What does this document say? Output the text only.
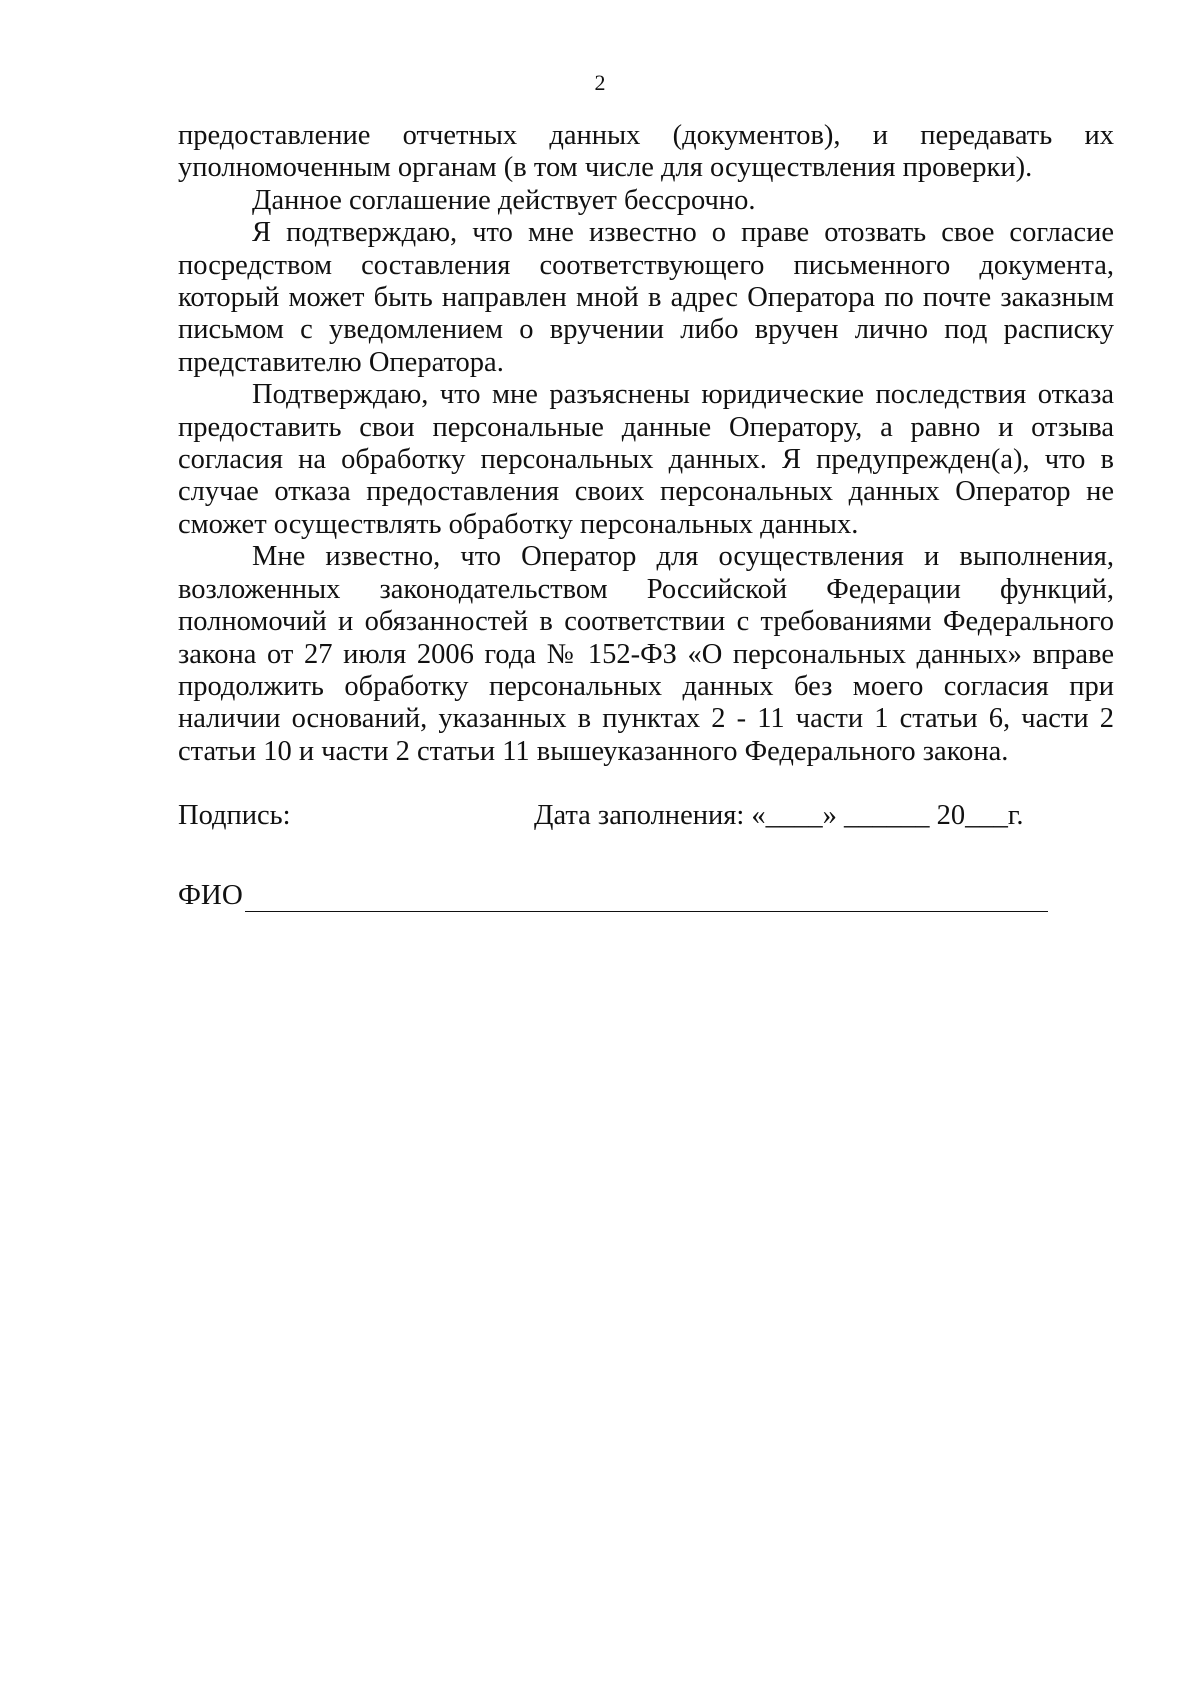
2

предоставление отчетных данных (документов), и передавать их уполномоченным органам (в том числе для осуществления проверки).

Данное соглашение действует бессрочно.

Я подтверждаю, что мне известно о праве отозвать свое согласие посредством составления соответствующего письменного документа, который может быть направлен мной в адрес Оператора по почте заказным письмом с уведомлением о вручении либо вручен лично под расписку представителю Оператора.

Подтверждаю, что мне разъяснены юридические последствия отказа предоставить свои персональные данные Оператору, а равно и отзыва согласия на обработку персональных данных. Я предупрежден(а), что в случае отказа предоставления своих персональных данных Оператор не сможет осуществлять обработку персональных данных.

Мне известно, что Оператор для осуществления и выполнения, возложенных законодательством Российской Федерации функций, полномочий и обязанностей в соответствии с требованиями Федерального закона от 27 июля 2006 года № 152-ФЗ «О персональных данных» вправе продолжить обработку персональных данных без моего согласия при наличии оснований, указанных в пунктах 2 - 11 части 1 статьи 6, части 2 статьи 10 и части 2 статьи 11 вышеуказанного Федерального закона.

Подпись:	Дата заполнения: «____» ______ 20___г.
ФИО
